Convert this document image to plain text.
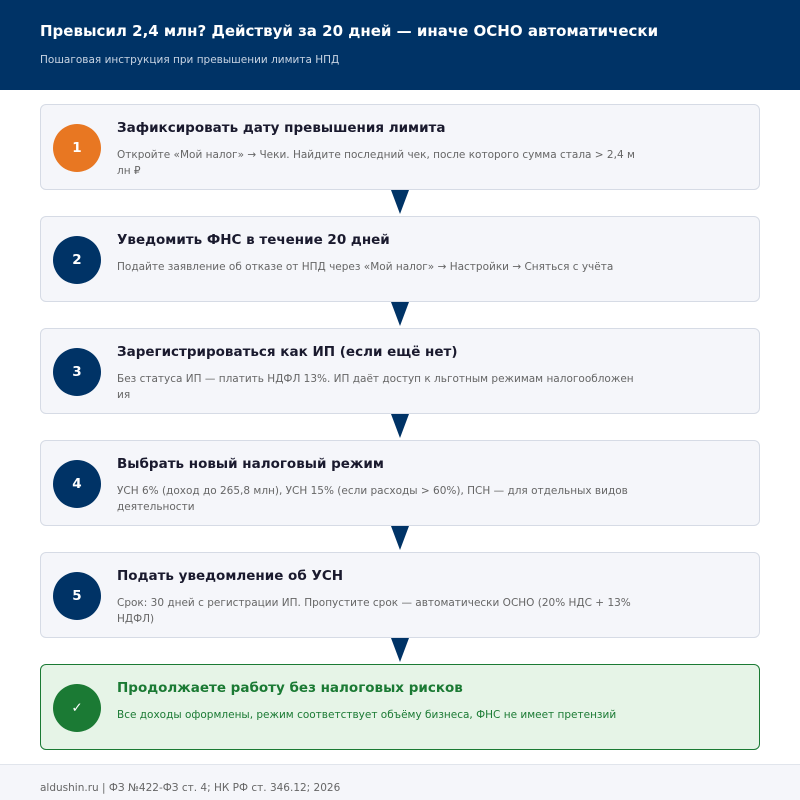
Превысил 2,4 млн? Действуй за 20 дней — иначе ОСНО автоматически
Пошаговая инструкция при превышении лимита НПД
1
Зафиксировать дату превышения лимита
Откройте «Мой налог» → Чеки. Найдите последний чек, после которого сумма стала > 2,4 млн ₽
2
Уведомить ФНС в течение 20 дней
Подайте заявление об отказе от НПД через «Мой налог» → Настройки → Сняться с учёта
3
Зарегистрироваться как ИП (если ещё нет)
Без статуса ИП — платить НДФЛ 13%. ИП даёт доступ к льготным режимам налогообложения
4
Выбрать новый налоговый режим
УСН 6% (доход до 265,8 млн), УСН 15% (если расходы > 60%), ПСН — для отдельных видов деятельности
5
Подать уведомление об УСН
Срок: 30 дней с регистрации ИП. Пропустите срок — автоматически ОСНО (20% НДС + 13% НДФЛ)
✓
Продолжаете работу без налоговых рисков
Все доходы оформлены, режим соответствует объёму бизнеса, ФНС не имеет претензий
aldushin.ru | ФЗ №422-ФЗ ст. 4; НК РФ ст. 346.12; 2026
